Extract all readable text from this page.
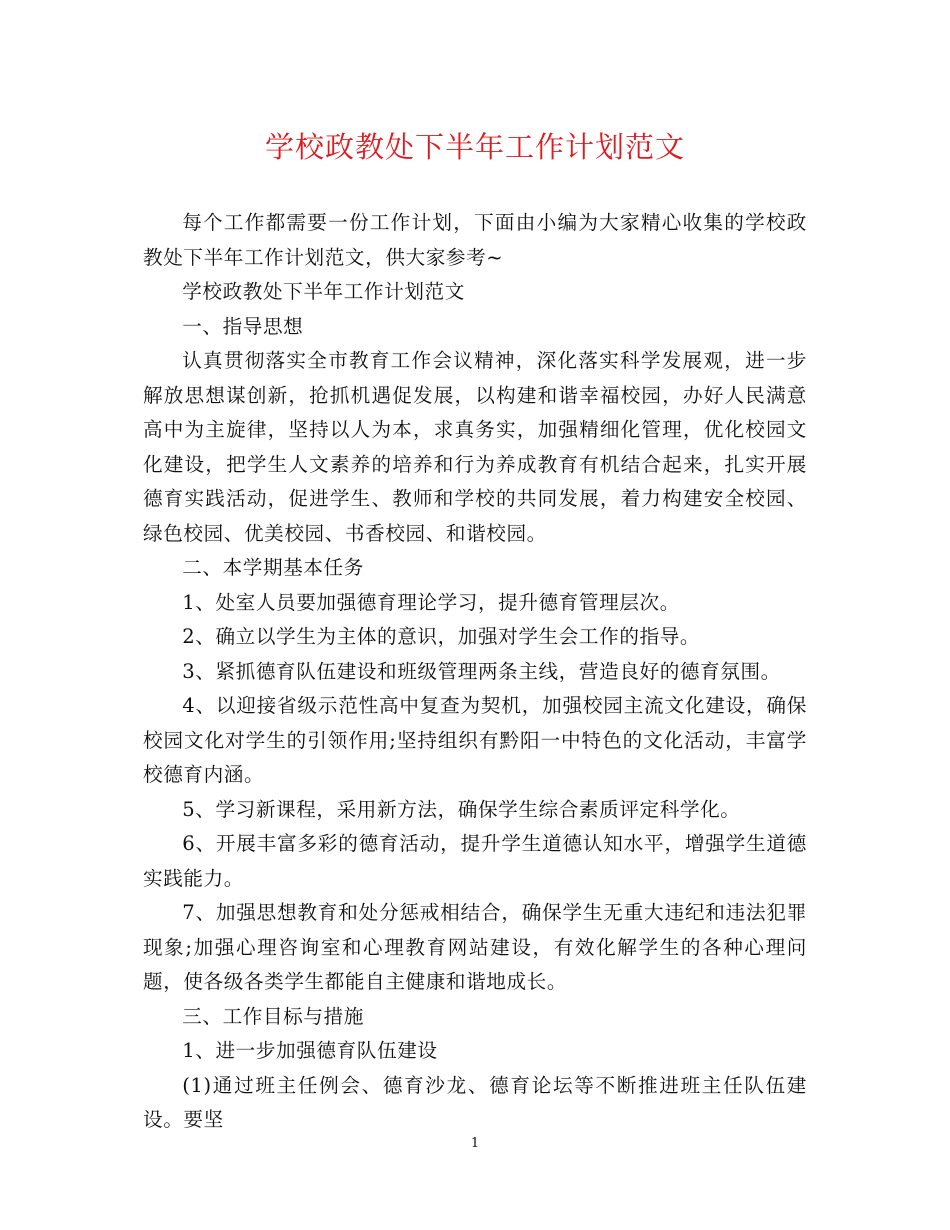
学校政教处下半年工作计划范文

每个工作都需要一份工作计划，下面由小编为大家精心收集的学校政教处下半年工作计划范文，供大家参考~

学校政教处下半年工作计划范文

一、指导思想

认真贯彻落实全市教育工作会议精神，深化落实科学发展观，进一步解放思想谋创新，抢抓机遇促发展，以构建和谐幸福校园，办好人民满意高中为主旋律，坚持以人为本，求真务实，加强精细化管理，优化校园文化建设，把学生人文素养的培养和行为养成教育有机结合起来，扎实开展德育实践活动，促进学生、教师和学校的共同发展，着力构建安全校园、绿色校园、优美校园、书香校园、和谐校园。

二、本学期基本任务

1、处室人员要加强德育理论学习，提升德育管理层次。

2、确立以学生为主体的意识，加强对学生会工作的指导。

3、紧抓德育队伍建设和班级管理两条主线，营造良好的德育氛围。

4、以迎接省级示范性高中复查为契机，加强校园主流文化建设，确保校园文化对学生的引领作用;坚持组织有黔阳一中特色的文化活动，丰富学校德育内涵。

5、学习新课程，采用新方法，确保学生综合素质评定科学化。

6、开展丰富多彩的德育活动，提升学生道德认知水平，增强学生道德实践能力。

7、加强思想教育和处分惩戒相结合，确保学生无重大违纪和违法犯罪现象;加强心理咨询室和心理教育网站建设，有效化解学生的各种心理问题，使各级各类学生都能自主健康和谐地成长。

三、工作目标与措施

1、进一步加强德育队伍建设

(1)通过班主任例会、德育沙龙、德育论坛等不断推进班主任队伍建设。要坚

1
